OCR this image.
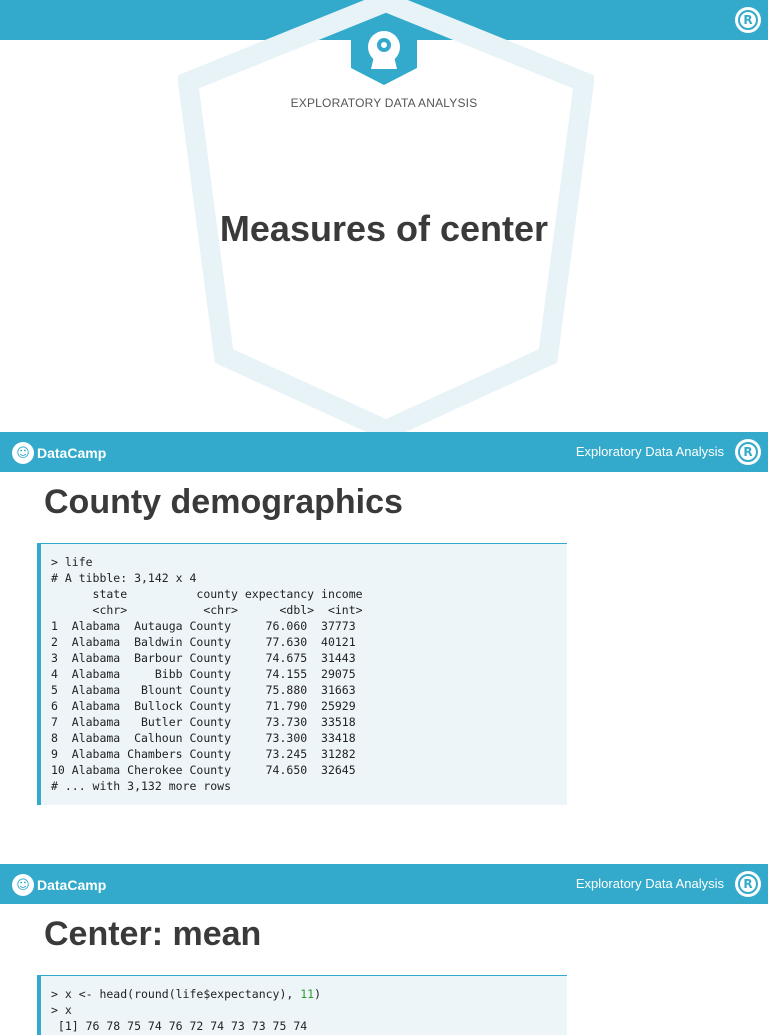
R
EXPLORATORY DATA ANALYSIS
Measures of center
☺ DataCamp	Exploratory Data Analysis	R
County demographics
> life
# A tibble: 3,142 x 4
state          county expectancy income
<chr>           <chr>      <dbl>  <int>
1  Alabama  Autauga County     76.060  37773
2  Alabama  Baldwin County     77.630  40121
3  Alabama  Barbour County     74.675  31443
4  Alabama     Bibb County     74.155  29075
5  Alabama   Blount County     75.880  31663
6  Alabama  Bullock County     71.790  25929
7  Alabama   Butler County     73.730  33518
8  Alabama  Calhoun County     73.300  33418
9  Alabama Chambers County     73.245  31282
10 Alabama Cherokee County     74.650  32645
# ... with 3,132 more rows
☺ DataCamp	Exploratory Data Analysis	R
Center: mean
> x <- head(round(life$expectancy), 11)
> x
[1] 76 78 75 74 76 72 74 73 73 75 74
